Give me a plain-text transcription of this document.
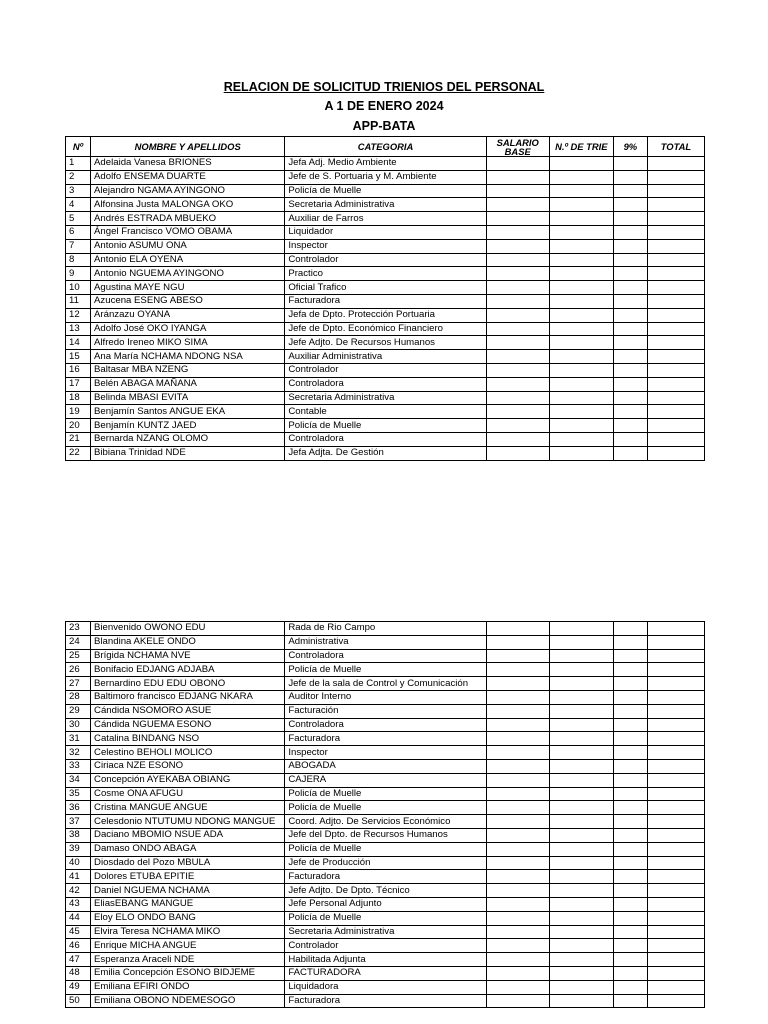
RELACION DE SOLICITUD TRIENIOS DEL PERSONAL
A 1 DE ENERO 2024
APP-BATA
Nº	NOMBRE Y APELLIDOS	CATEGORIA	SALARIO
BASE	N.º DE TRIE	9%	TOTAL
1	Adelaida Vanesa BRIONES	Jefa Adj. Medio Ambiente				
2	Adolfo ENSEMA DUARTE	Jefe de S. Portuaria y M. Ambiente				
3	Alejandro NGAMA AYINGONO	Policía de Muelle				
4	Alfonsina Justa MALONGA OKO	Secretaria Administrativa				
5	Andrés ESTRADA MBUEKO	Auxiliar de Farros				
6	Ángel Francisco VOMO OBAMA	Liquidador				
7	Antonio ASUMU ONA	Inspector				
8	Antonio ELA OYENA	Controlador				
9	Antonio NGUEMA AYINGONO	Practico				
10	Agustina MAYE NGU	Oficial Trafico				
11	Azucena ESENG ABESO	Facturadora				
12	Aránzazu OYANA	Jefa de Dpto. Protección Portuaria				
13	Adolfo José OKO IYANGA	Jefe de Dpto. Económico Financiero				
14	Alfredo Ireneo MIKO SIMA	Jefe Adjto. De Recursos Humanos				
15	Ana María NCHAMA NDONG NSA	Auxiliar Administrativa				
16	Baltasar MBA NZENG	Controlador				
17	Belén ABAGA MAÑANA	Controladora				
18	Belinda MBASI EVITA	Secretaria Administrativa				
19	Benjamín Santos ANGUE EKA	Contable				
20	Benjamín KUNTZ JAED	Policía de Muelle				
21	Bernarda NZANG OLOMO	Controladora				
22	Bibiana Trinidad NDE	Jefa Adjta. De Gestión				
23	Bienvenido OWONO EDU	Rada de Rio Campo				
24	Blandina AKELE ONDO	Administrativa				
25	Brígida NCHAMA NVE	Controladora				
26	Bonifacio EDJANG ADJABA	Policía de Muelle				
27	Bernardino EDU EDU OBONO	Jefe de la sala de Control y Comunicación				
28	Baltimoro francisco EDJANG NKARA	Auditor Interno				
29	Cándida NSOMORO ASUE	Facturación				
30	Cándida NGUEMA ESONO	Controladora				
31	Catalina BINDANG NSO	Facturadora				
32	Celestino BEHOLI MOLICO	Inspector				
33	Ciriaca NZE ESONO	ABOGADA				
34	Concepción AYEKABA OBIANG	CAJERA				
35	Cosme ONA AFUGU	Policía de Muelle				
36	Cristina MANGUE ANGUE	Policía de Muelle				
37	Celesdonio NTUTUMU NDONG MANGUE	Coord. Adjto. De Servicios Económico				
38	Daciano MBOMIO NSUE ADA	Jefe del Dpto. de Recursos Humanos				
39	Damaso ONDO ABAGA	Policía de Muelle				
40	Diosdado del Pozo MBULA	Jefe de Producción				
41	Dolores ETUBA EPITIE	Facturadora				
42	Daniel NGUEMA NCHAMA	Jefe Adjto. De Dpto. Técnico				
43	EliasEBANG MANGUE	Jefe Personal Adjunto				
44	Eloy ELO ONDO BANG	Policía de Muelle				
45	Elvira Teresa NCHAMA MIKO	Secretaria Administrativa				
46	Enrique MICHA ANGUE	Controlador				
47	Esperanza Araceli NDE	Habilitada Adjunta				
48	Emilia Concepción ESONO BIDJEME	FACTURADORA				
49	Emiliana EFIRI ONDO	Liquidadora				
50	Emiliana OBONO NDEMESOGO	Facturadora				
